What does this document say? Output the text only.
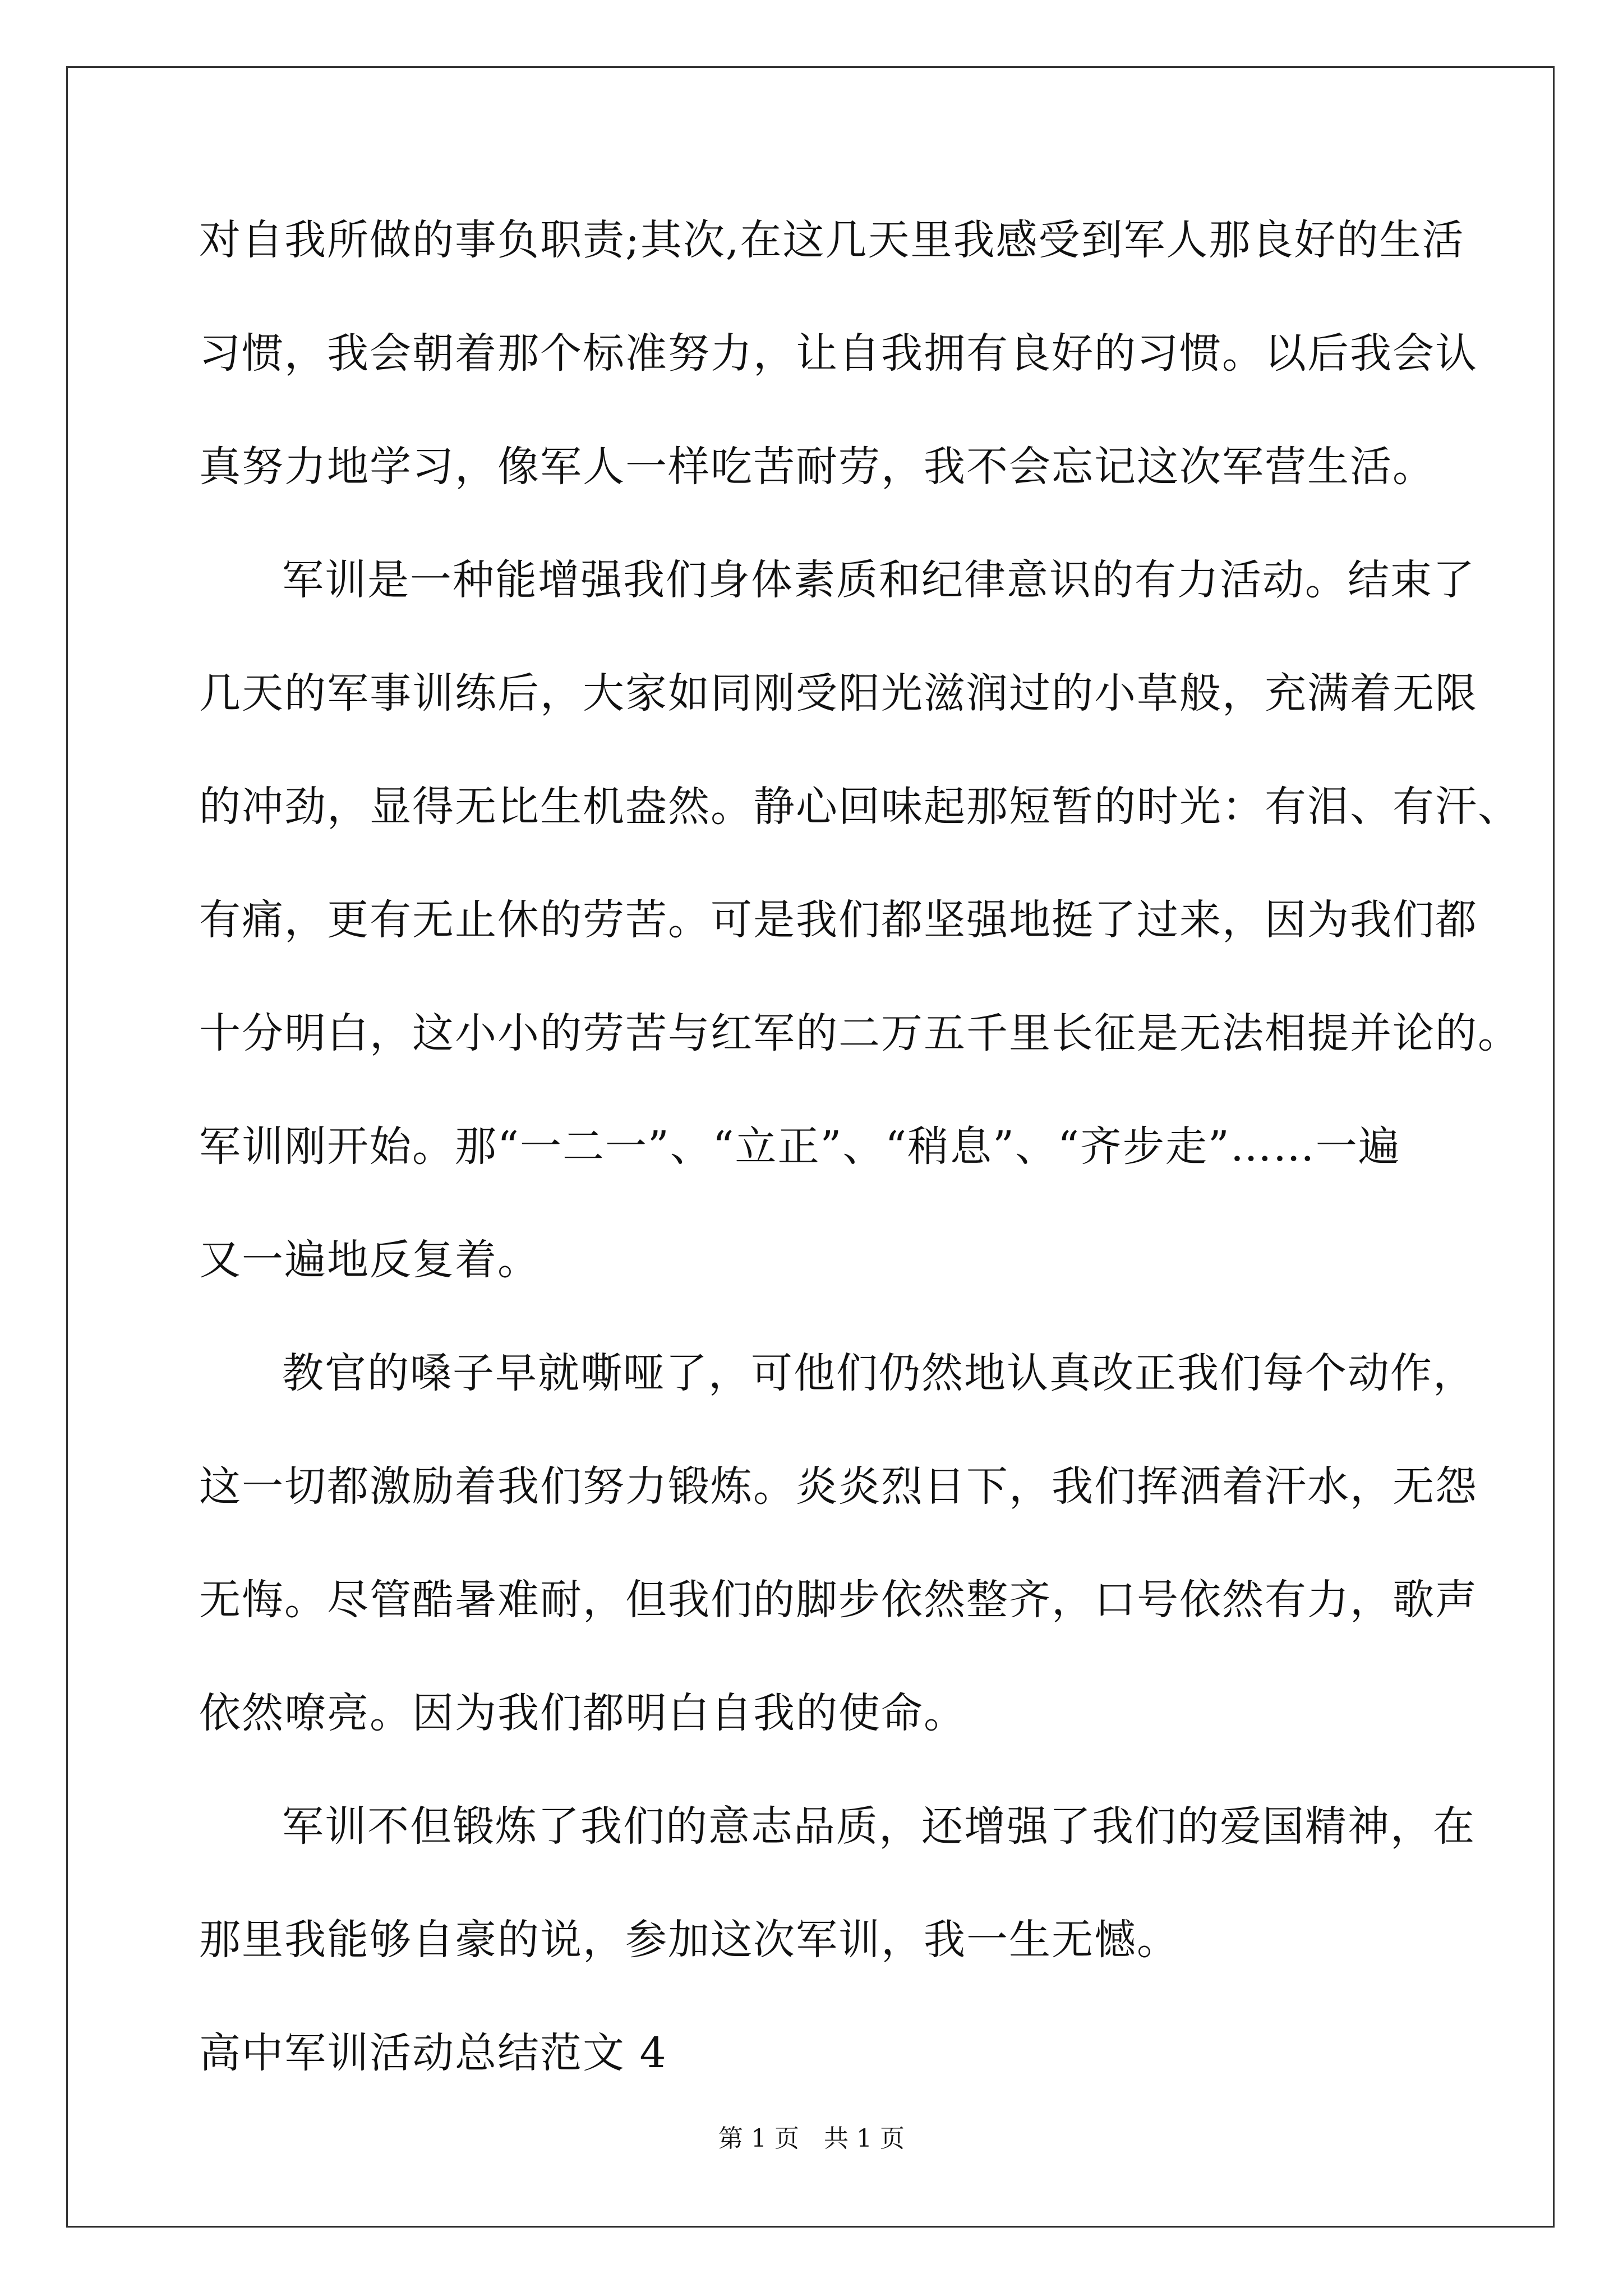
对自我所做的事负职责;其次,在这几天里我感受到军人那良好的生活
习惯，我会朝着那个标准努力，让自我拥有良好的习惯。以后我会认
真努力地学习，像军人一样吃苦耐劳，我不会忘记这次军营生活。
军训是一种能增强我们身体素质和纪律意识的有力活动。结束了
几天的军事训练后，大家如同刚受阳光滋润过的小草般，充满着无限
的冲劲，显得无比生机盎然。静心回味起那短暂的时光：有泪、有汗、
有痛，更有无止休的劳苦。可是我们都坚强地挺了过来，因为我们都
十分明白，这小小的劳苦与红军的二万五千里长征是无法相提并论的。
军训刚开始。那“一二一”、“立正”、“稍息”、“齐步走”……一遍
又一遍地反复着。
教官的嗓子早就嘶哑了，可他们仍然地认真改正我们每个动作，
这一切都激励着我们努力锻炼。炎炎烈日下，我们挥洒着汗水，无怨
无悔。尽管酷暑难耐，但我们的脚步依然整齐，口号依然有力，歌声
依然嘹亮。因为我们都明白自我的使命。
军训不但锻炼了我们的意志品质，还增强了我们的爱国精神，在
那里我能够自豪的说，参加这次军训，我一生无憾。
高中军训活动总结范文 4
第 1 页　共 1 页
